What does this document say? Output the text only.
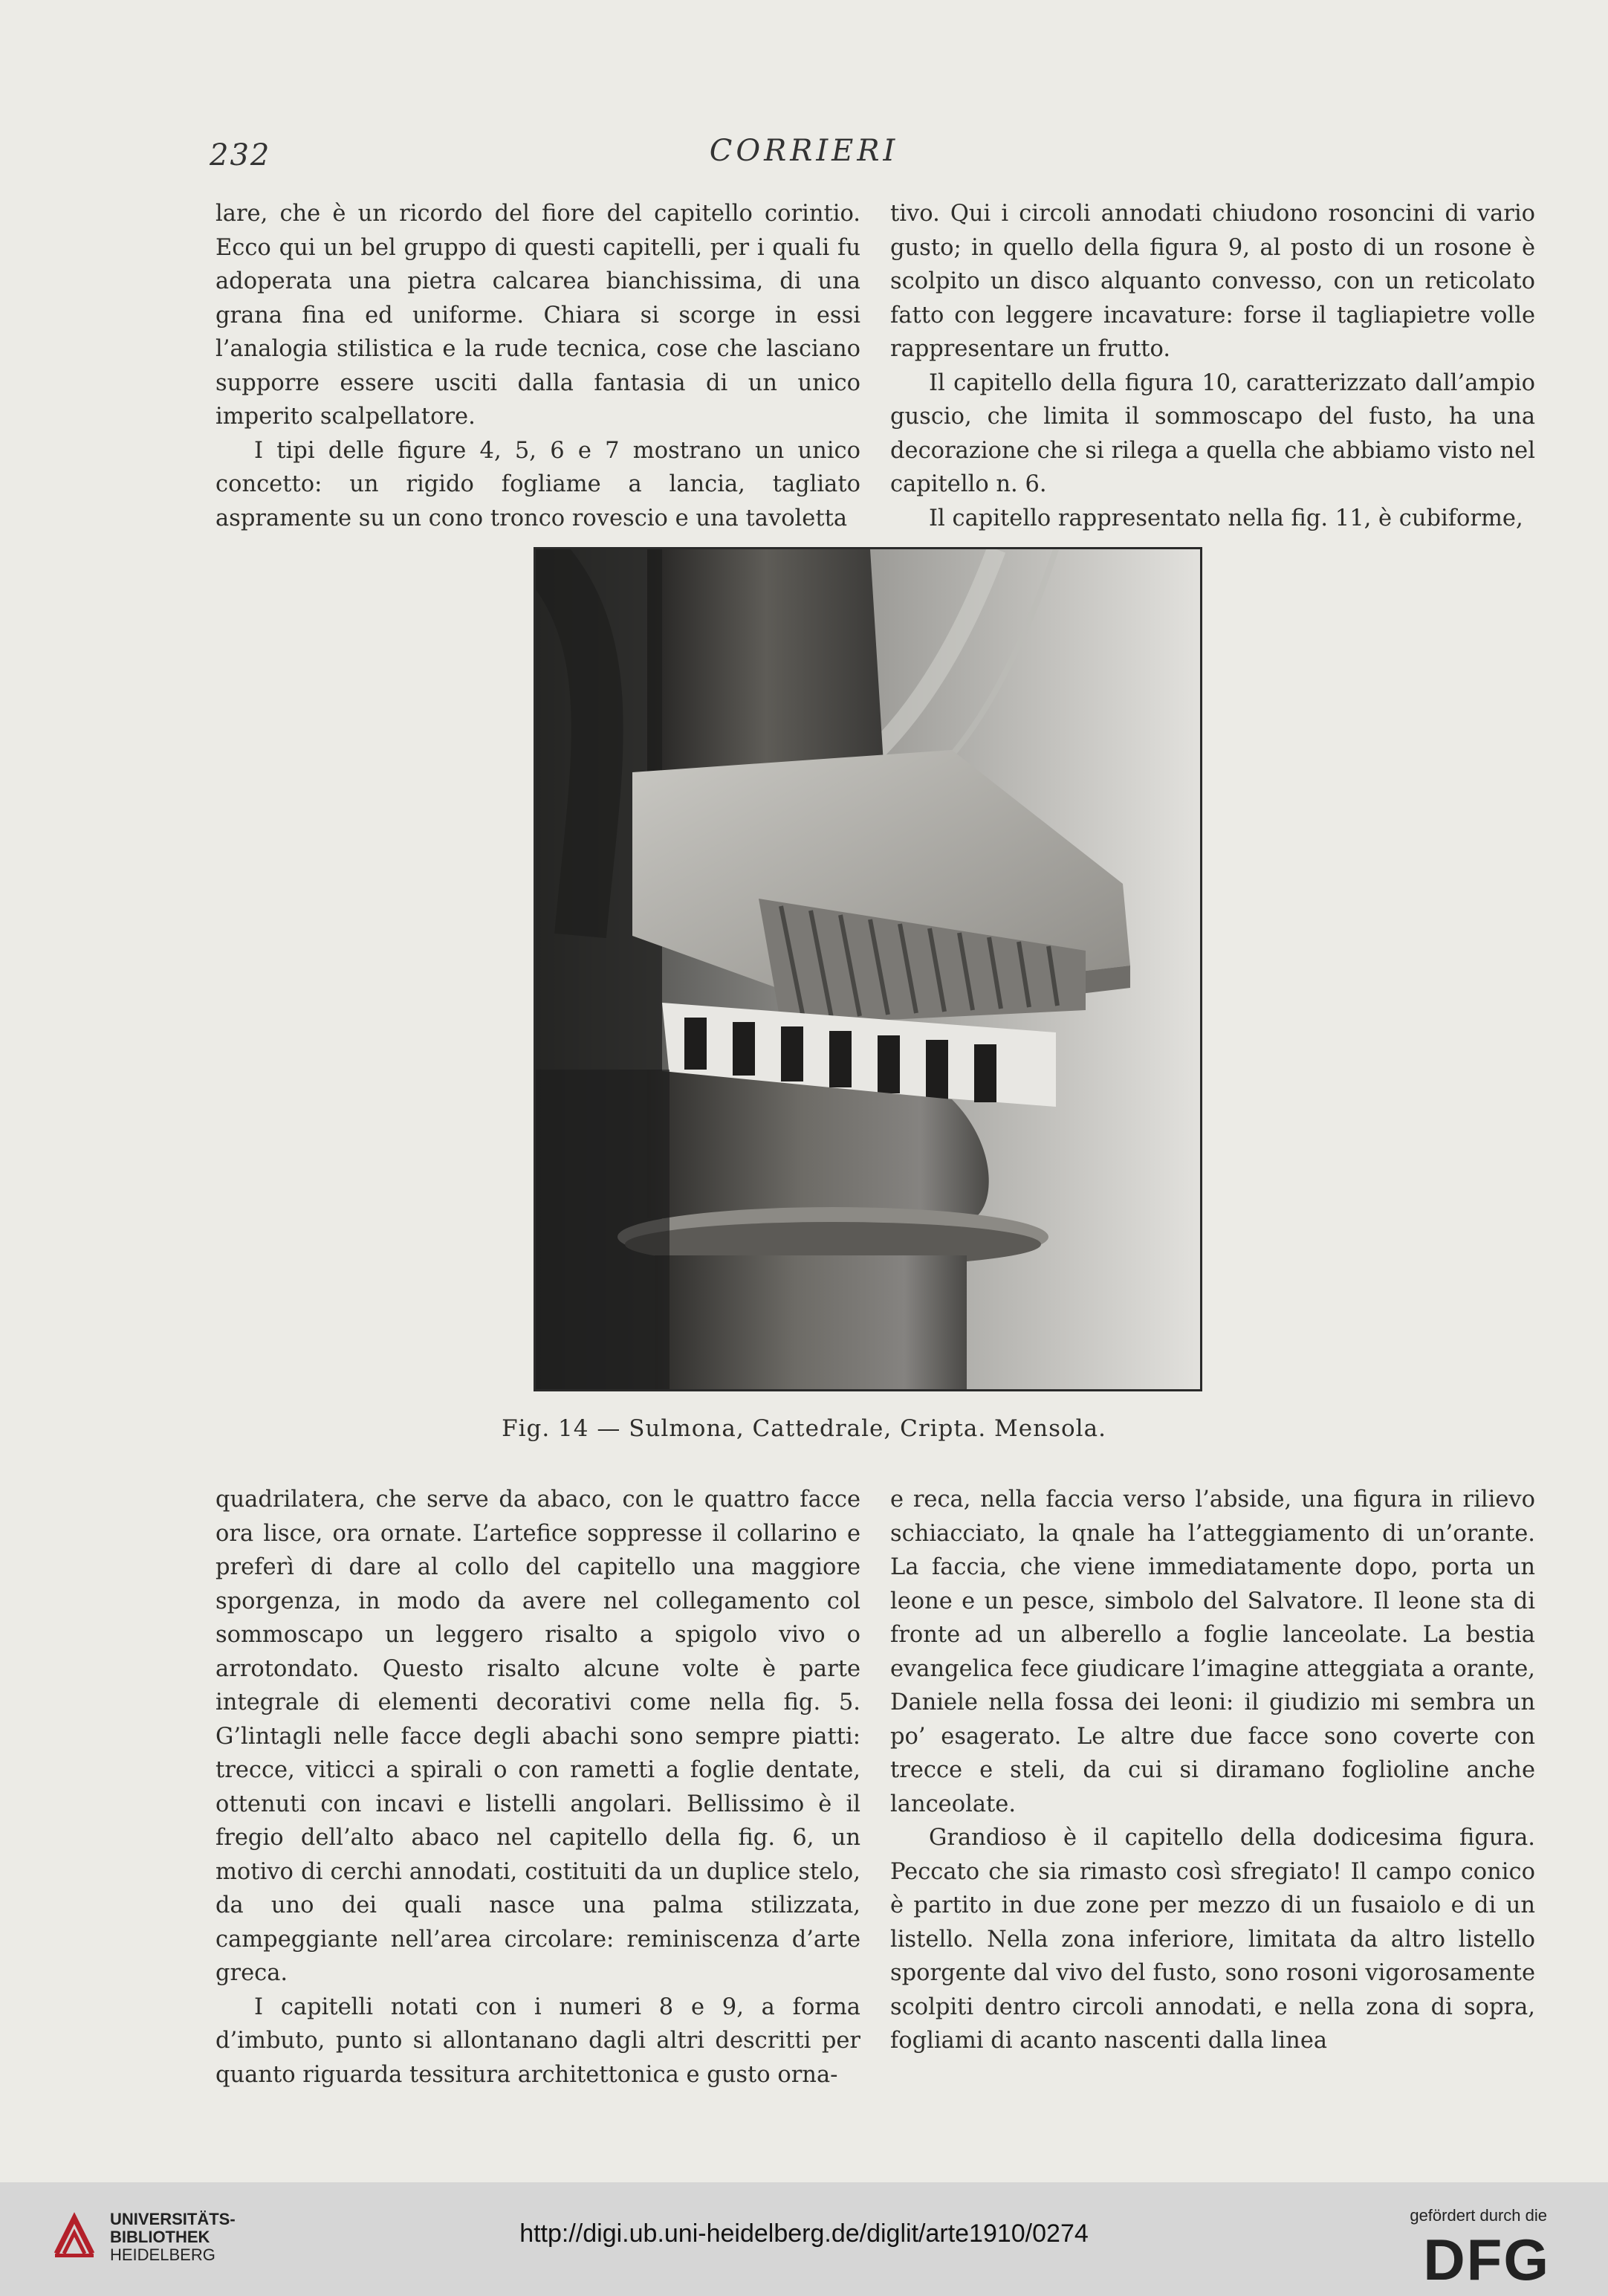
232	CORRIERI

lare, che è un ricordo del fiore del capitello corintio. Ecco qui un bel gruppo di questi capitelli, per i quali fu adoperata una pietra calcarea bianchissima, di una grana fina ed uniforme. Chiara si scorge in essi l’analogia stilistica e la rude tecnica, cose che lasciano supporre essere usciti dalla fantasia di un unico imperito scalpellatore.

I tipi delle figure 4, 5, 6 e 7 mostrano un unico concetto: un rigido fogliame a lancia, tagliato aspramente su un cono tronco rovescio e una tavoletta

tivo. Qui i circoli annodati chiudono rosoncini di vario gusto; in quello della figura 9, al posto di un rosone è scolpito un disco alquanto convesso, con un reticolato fatto con leggere incavature: forse il tagliapietre volle rappresentare un frutto.

Il capitello della figura 10, caratterizzato dall’ampio guscio, che limita il sommoscapo del fusto, ha una decorazione che si rilega a quella che abbiamo visto nel capitello n. 6.

Il capitello rappresentato nella fig. 11, è cubiforme,

Fig. 14 — Sulmona, Cattedrale, Cripta. Mensola.

quadrilatera, che serve da abaco, con le quattro facce ora lisce, ora ornate. L’artefice soppresse il collarino e preferì di dare al collo del capitello una maggiore sporgenza, in modo da avere nel collegamento col sommoscapo un leggero risalto a spigolo vivo o arrotondato. Questo risalto alcune volte è parte integrale di elementi decorativi come nella fig. 5. G’lintagli nelle facce degli abachi sono sempre piatti: trecce, viticci a spirali o con rametti a foglie dentate, ottenuti con incavi e listelli angolari. Bellissimo è il fregio dell’alto abaco nel capitello della fig. 6, un motivo di cerchi annodati, costituiti da un duplice stelo, da uno dei quali nasce una palma stilizzata, campeggiante nell’area circolare: reminiscenza d’arte greca.

I capitelli notati con i numeri 8 e 9, a forma d’imbuto, punto si allontanano dagli altri descritti per quanto riguarda tessitura architettonica e gusto orna-

e reca, nella faccia verso l’abside, una figura in rilievo schiacciato, la qnale ha l’atteggiamento di un’orante. La faccia, che viene immediatamente dopo, porta un leone e un pesce, simbolo del Salvatore. Il leone sta di fronte ad un alberello a foglie lanceolate. La bestia evangelica fece giudicare l’imagine atteggiata a orante, Daniele nella fossa dei leoni: il giudizio mi sembra un po’ esagerato. Le altre due facce sono coverte con trecce e steli, da cui si diramano foglioline anche lanceolate.

Grandioso è il capitello della dodicesima figura. Peccato che sia rimasto così sfregiato! Il campo conico è partito in due zone per mezzo di un fusaiolo e di un listello. Nella zona inferiore, limitata da altro listello sporgente dal vivo del fusto, sono rosoni vigorosamente scolpiti dentro circoli annodati, e nella zona di sopra, fogliami di acanto nascenti dalla linea

UNIVERSITÄTS-
BIBLIOTHEK
HEIDELBERG
http://digi.ub.uni-heidelberg.de/diglit/arte1910/0274
gefördert durch die
DFG
